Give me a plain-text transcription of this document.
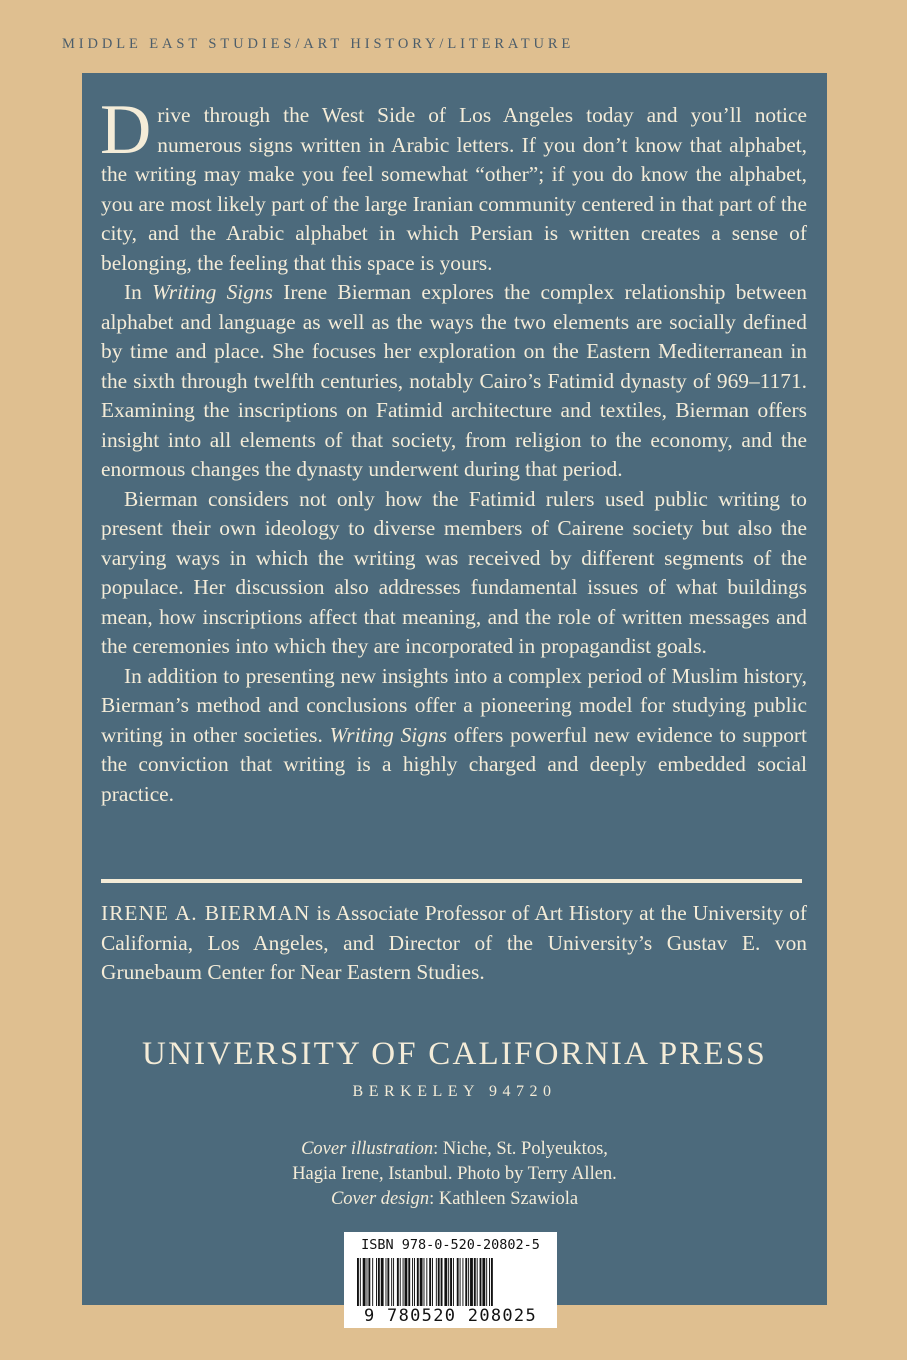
MIDDLE EAST STUDIES/ART HISTORY/LITERATURE

Drive through the West Side of Los Angeles today and you’ll notice numerous signs written in Arabic letters. If you don’t know that alphabet, the writing may make you feel somewhat “other”; if you do know the alphabet, you are most likely part of the large Iranian community centered in that part of the city, and the Arabic alphabet in which Persian is written creates a sense of belonging, the feeling that this space is yours.

In Writing Signs Irene Bierman explores the complex relationship between alphabet and language as well as the ways the two elements are socially defined by time and place. She focuses her exploration on the Eastern Mediterranean in the sixth through twelfth centuries, notably Cairo’s Fatimid dynasty of 969–1171. Examining the inscriptions on Fatimid architecture and textiles, Bierman offers insight into all elements of that society, from religion to the economy, and the enormous changes the dynasty underwent during that period.

Bierman considers not only how the Fatimid rulers used public writing to present their own ideology to diverse members of Cairene society but also the varying ways in which the writing was received by different segments of the populace. Her discussion also addresses fundamental issues of what buildings mean, how inscriptions affect that meaning, and the role of written messages and the ceremonies into which they are incorporated in propagandist goals.

In addition to presenting new insights into a complex period of Muslim history, Bierman’s method and conclusions offer a pioneering model for studying public writing in other societies. Writing Signs offers powerful new evidence to support the conviction that writing is a highly charged and deeply embedded social practice.

IRENE A. BIERMAN is Associate Professor of Art History at the University of California, Los Angeles, and Director of the University’s Gustav E. von Grunebaum Center for Near Eastern Studies.
UNIVERSITY OF CALIFORNIA PRESS
BERKELEY 94720
Cover illustration: Niche, St. Polyeuktos,
Hagia Irene, Istanbul. Photo by Terry Allen.
Cover design: Kathleen Szawiola
ISBN 978-0-520-20802-5
9 780520 208025
